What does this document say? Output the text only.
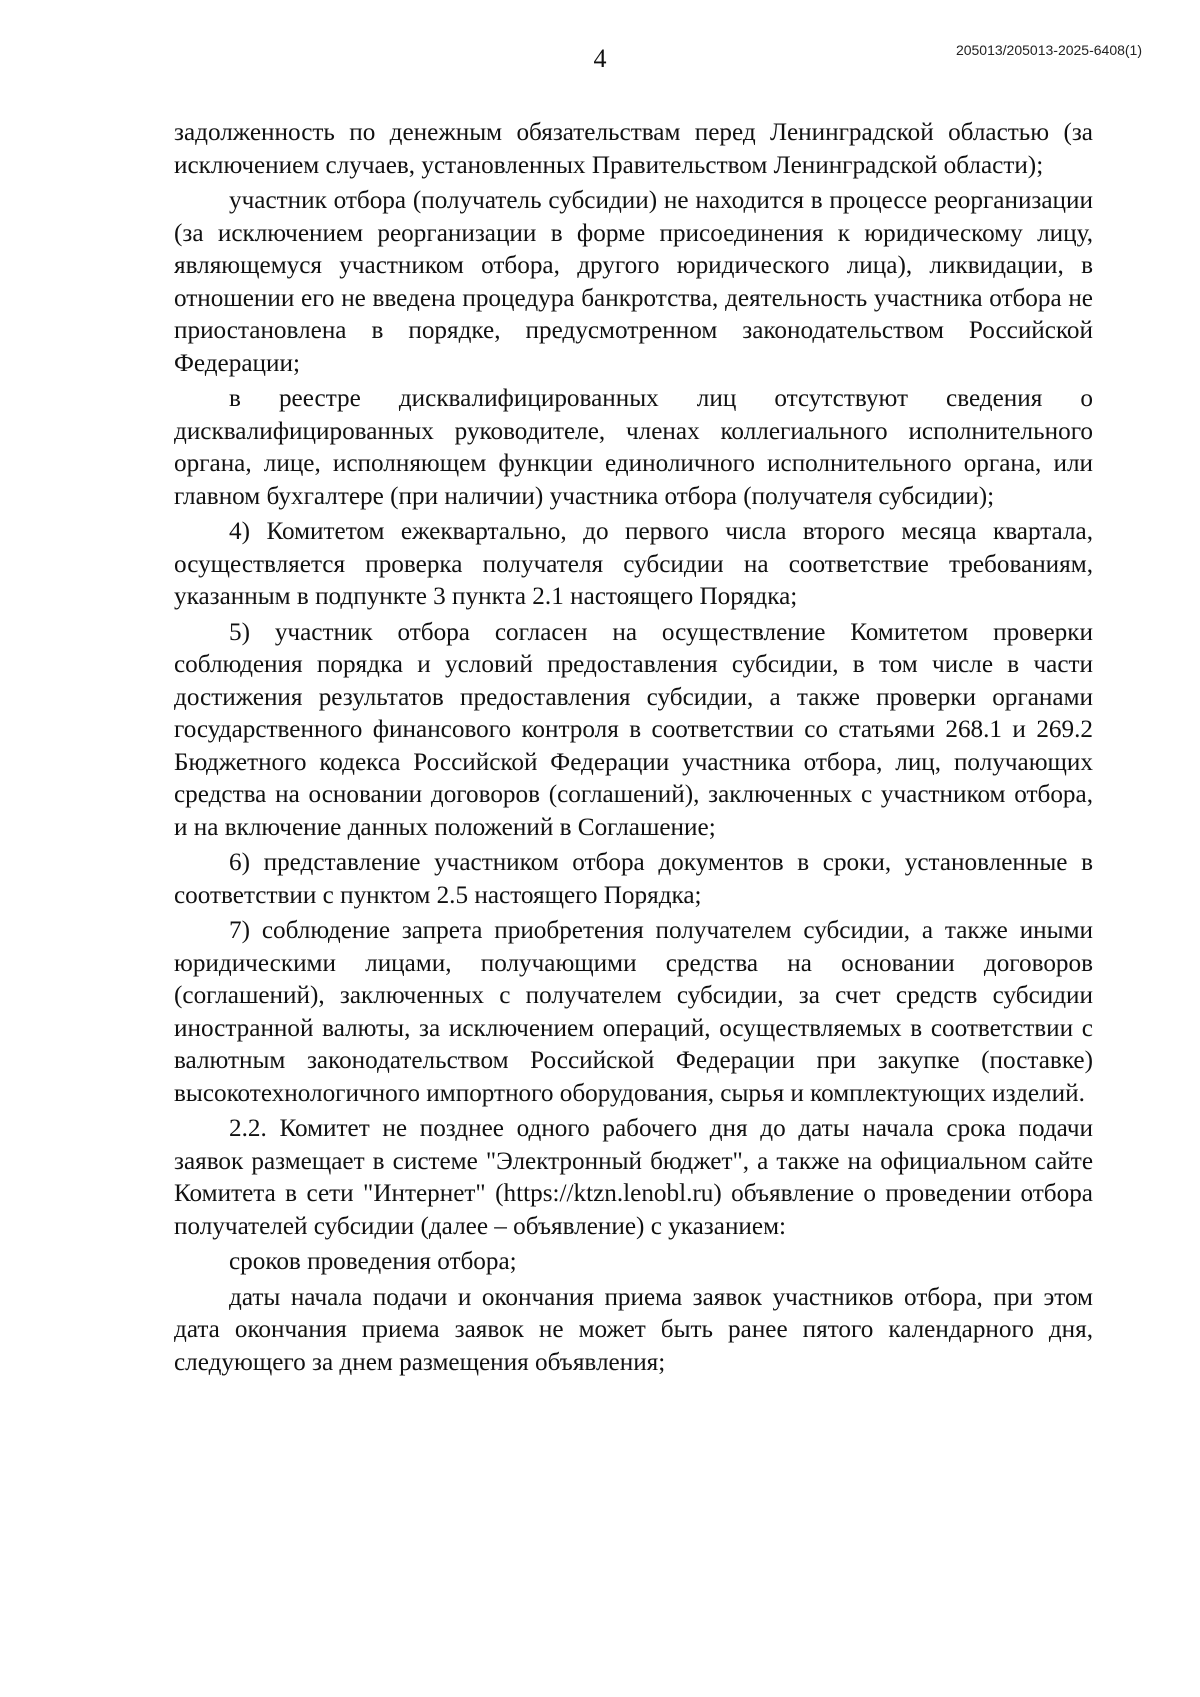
4	205013/205013-2025-6408(1)

задолженность по денежным обязательствам перед Ленинградской областью (за исключением случаев, установленных Правительством Ленинградской области);

участник отбора (получатель субсидии) не находится в процессе реорганизации (за исключением реорганизации в форме присоединения к юридическому лицу, являющемуся участником отбора, другого юридического лица), ликвидации, в отношении его не введена процедура банкротства, деятельность участника отбора не приостановлена в порядке, предусмотренном законодательством Российской Федерации;

в реестре дисквалифицированных лиц отсутствуют сведения о дисквалифицированных руководителе, членах коллегиального исполнительного органа, лице, исполняющем функции единоличного исполнительного органа, или главном бухгалтере (при наличии) участника отбора (получателя субсидии);

4) Комитетом ежеквартально, до первого числа второго месяца квартала, осуществляется проверка получателя субсидии на соответствие требованиям, указанным в подпункте 3 пункта 2.1 настоящего Порядка;

5) участник отбора согласен на осуществление Комитетом проверки соблюдения порядка и условий предоставления субсидии, в том числе в части достижения результатов предоставления субсидии, а также проверки органами государственного финансового контроля в соответствии со статьями 268.1 и 269.2 Бюджетного кодекса Российской Федерации участника отбора, лиц, получающих средства на основании договоров (соглашений), заключенных с участником отбора, и на включение данных положений в Соглашение;

6) представление участником отбора документов в сроки, установленные в соответствии с пунктом 2.5 настоящего Порядка;

7) соблюдение запрета приобретения получателем субсидии, а также иными юридическими лицами, получающими средства на основании договоров (соглашений), заключенных с получателем субсидии, за счет средств субсидии иностранной валюты, за исключением операций, осуществляемых в соответствии с валютным законодательством Российской Федерации при закупке (поставке) высокотехнологичного импортного оборудования, сырья и комплектующих изделий.

2.2. Комитет не позднее одного рабочего дня до даты начала срока подачи заявок размещает в системе "Электронный бюджет", а также на официальном сайте Комитета в сети "Интернет" (https://ktzn.lenobl.ru) объявление о проведении отбора получателей субсидии (далее – объявление) с указанием:

сроков проведения отбора;

даты начала подачи и окончания приема заявок участников отбора, при этом дата окончания приема заявок не может быть ранее пятого календарного дня, следующего за днем размещения объявления;
